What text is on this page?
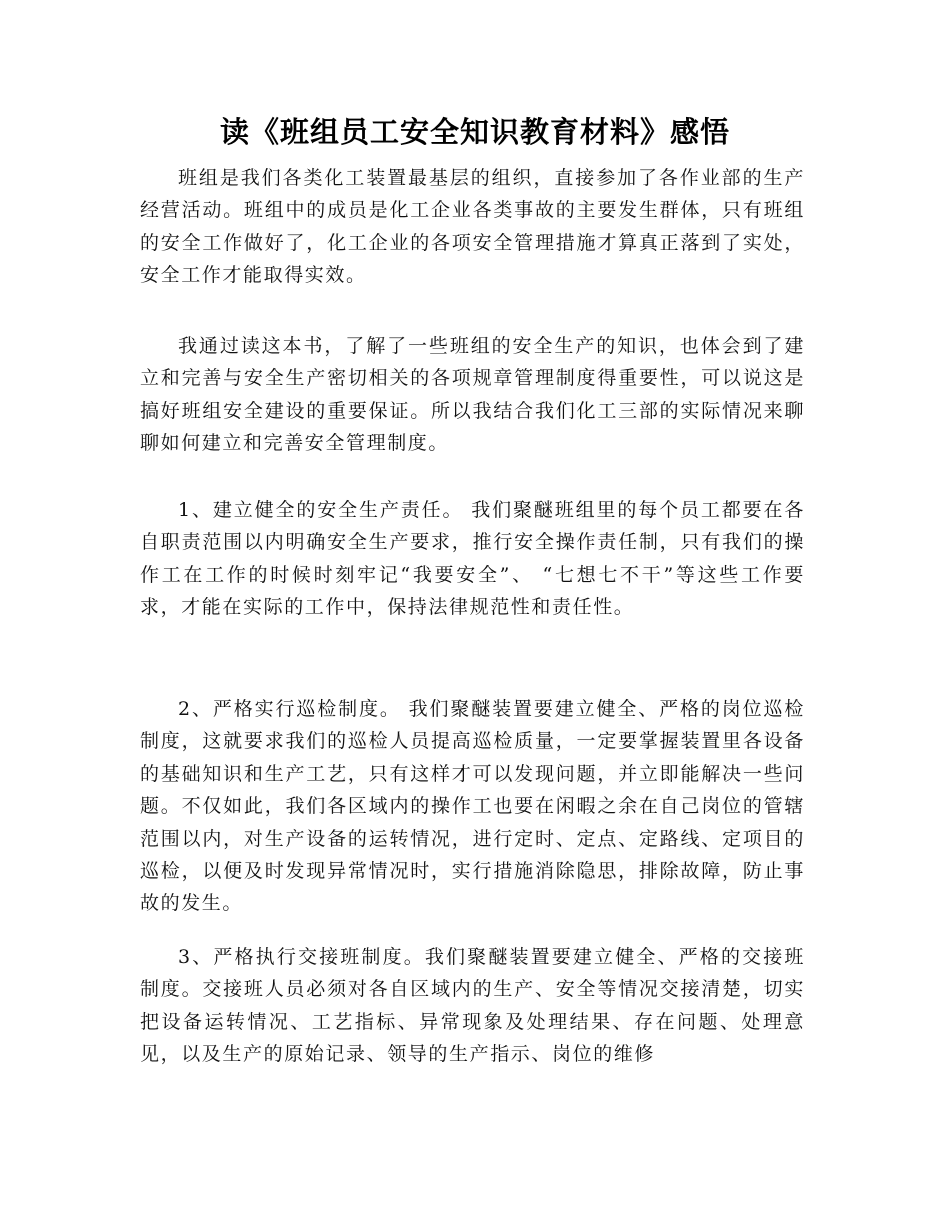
读《班组员工安全知识教育材料》感悟

班组是我们各类化工装置最基层的组织，直接参加了各作业部的生产经营活动。班组中的成员是化工企业各类事故的主要发生群体，只有班组的安全工作做好了，化工企业的各项安全管理措施才算真正落到了实处，安全工作才能取得实效。

我通过读这本书，了解了一些班组的安全生产的知识，也体会到了建立和完善与安全生产密切相关的各项规章管理制度得重要性，可以说这是搞好班组安全建设的重要保证。所以我结合我们化工三部的实际情况来聊聊如何建立和完善安全管理制度。

1、建立健全的安全生产责任。 我们聚醚班组里的每个员工都要在各自职责范围以内明确安全生产要求，推行安全操作责任制，只有我们的操作工在工作的时候时刻牢记“我要安全”、 “七想七不干”等这些工作要求，才能在实际的工作中，保持法律规范性和责任性。

2、严格实行巡检制度。 我们聚醚装置要建立健全、严格的岗位巡检制度，这就要求我们的巡检人员提高巡检质量，一定要掌握装置里各设备的基础知识和生产工艺，只有这样才可以发现问题，并立即能解决一些问题。不仅如此，我们各区域内的操作工也要在闲暇之余在自己岗位的管辖范围以内，对生产设备的运转情况，进行定时、定点、定路线、定项目的巡检，以便及时发现异常情况时，实行措施消除隐思，排除故障，防止事故的发生。

3、严格执行交接班制度。我们聚醚装置要建立健全、严格的交接班制度。交接班人员必须对各自区域内的生产、安全等情况交接清楚，切实把设备运转情况、工艺指标、异常现象及处理结果、存在问题、处理意见，以及生产的原始记录、领导的生产指示、岗位的维修
